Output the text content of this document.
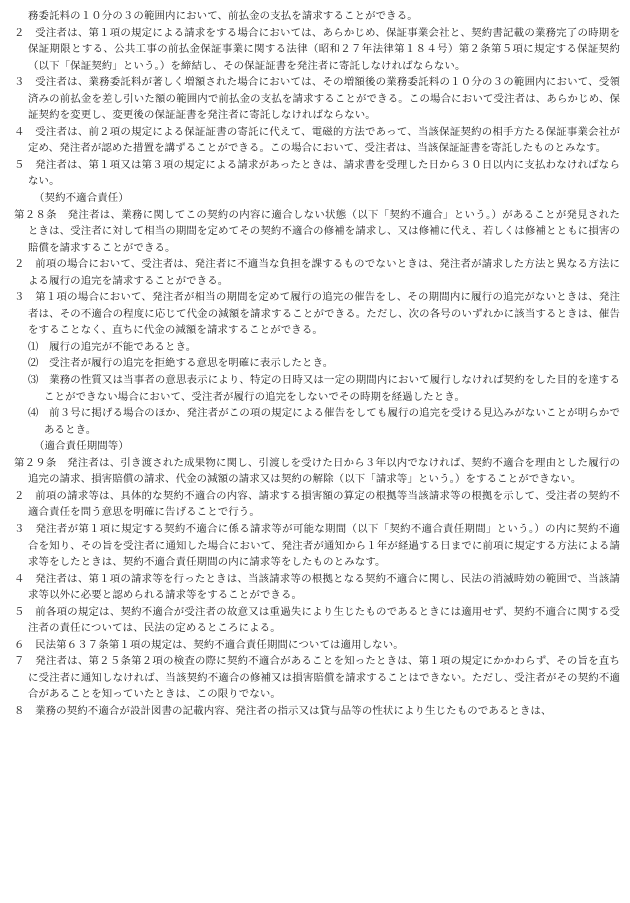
務委託料の１０分の３の範囲内において、前払金の支払を請求することができる。

２　受注者は、第１項の規定による請求をする場合においては、あらかじめ、保証事業会社と、契約書記載の業務完了の時期を保証期限とする、公共工事の前払金保証事業に関する法律（昭和２７年法律第１８４号）第２条第５項に規定する保証契約（以下「保証契約」という。）を締結し、その保証証書を発注者に寄託しなければならない。

３　受注者は、業務委託料が著しく増額された場合においては、その増額後の業務委託料の１０分の３の範囲内において、受領済みの前払金を差し引いた額の範囲内で前払金の支払を請求することができる。この場合において受注者は、あらかじめ、保証契約を変更し、変更後の保証証書を発注者に寄託しなければならない。

４　受注者は、前２項の規定による保証証書の寄託に代えて、電磁的方法であって、当該保証契約の相手方たる保証事業会社が定め、発注者が認めた措置を講ずることができる。この場合において、受注者は、当該保証証書を寄託したものとみなす。

５　発注者は、第１項又は第３項の規定による請求があったときは、請求書を受理した日から３０日以内に支払わなければならない。

（契約不適合責任）

第２８条　発注者は、業務に関してこの契約の内容に適合しない状態（以下「契約不適合」という。）があることが発見されたときは、受注者に対して相当の期間を定めてその契約不適合の修補を請求し、又は修補に代え、若しくは修補とともに損害の賠償を請求することができる。

２　前項の場合において、受注者は、発注者に不適当な負担を課するものでないときは、発注者が請求した方法と異なる方法による履行の追完を請求することができる。

３　第１項の場合において、発注者が相当の期間を定めて履行の追完の催告をし、その期間内に履行の追完がないときは、発注者は、その不適合の程度に応じて代金の減額を請求することができる。ただし、次の各号のいずれかに該当するときは、催告をすることなく、直ちに代金の減額を請求することができる。

⑴　履行の追完が不能であるとき。

⑵　受注者が履行の追完を拒絶する意思を明確に表示したとき。

⑶　業務の性質又は当事者の意思表示により、特定の日時又は一定の期間内において履行しなければ契約をした目的を達することができない場合において、受注者が履行の追完をしないでその時期を経過したとき。

⑷　前３号に掲げる場合のほか、発注者がこの項の規定による催告をしても履行の追完を受ける見込みがないことが明らかであるとき。

（適合責任期間等）

第２９条　発注者は、引き渡された成果物に関し、引渡しを受けた日から３年以内でなければ、契約不適合を理由とした履行の追完の請求、損害賠償の請求、代金の減額の請求又は契約の解除（以下「請求等」という。）をすることができない。

２　前項の請求等は、具体的な契約不適合の内容、請求する損害額の算定の根拠等当該請求等の根拠を示して、受注者の契約不適合責任を問う意思を明確に告げることで行う。

３　発注者が第１項に規定する契約不適合に係る請求等が可能な期間（以下「契約不適合責任期間」という。）の内に契約不適合を知り、その旨を受注者に通知した場合において、発注者が通知から１年が経過する日までに前項に規定する方法による請求等をしたときは、契約不適合責任期間の内に請求等をしたものとみなす。

４　発注者は、第１項の請求等を行ったときは、当該請求等の根拠となる契約不適合に関し、民法の消滅時効の範囲で、当該請求等以外に必要と認められる請求等をすることができる。

５　前各項の規定は、契約不適合が受注者の故意又は重過失により生じたものであるときには適用せず、契約不適合に関する受注者の責任については、民法の定めるところによる。

６　民法第６３７条第１項の規定は、契約不適合責任期間については適用しない。

７　発注者は、第２５条第２項の検査の際に契約不適合があることを知ったときは、第１項の規定にかかわらず、その旨を直ちに受注者に通知しなければ、当該契約不適合の修補又は損害賠償を請求することはできない。ただし、受注者がその契約不適合があることを知っていたときは、この限りでない。

８　業務の契約不適合が設計図書の記載内容、発注者の指示又は貸与品等の性状により生じたものであるときは、
